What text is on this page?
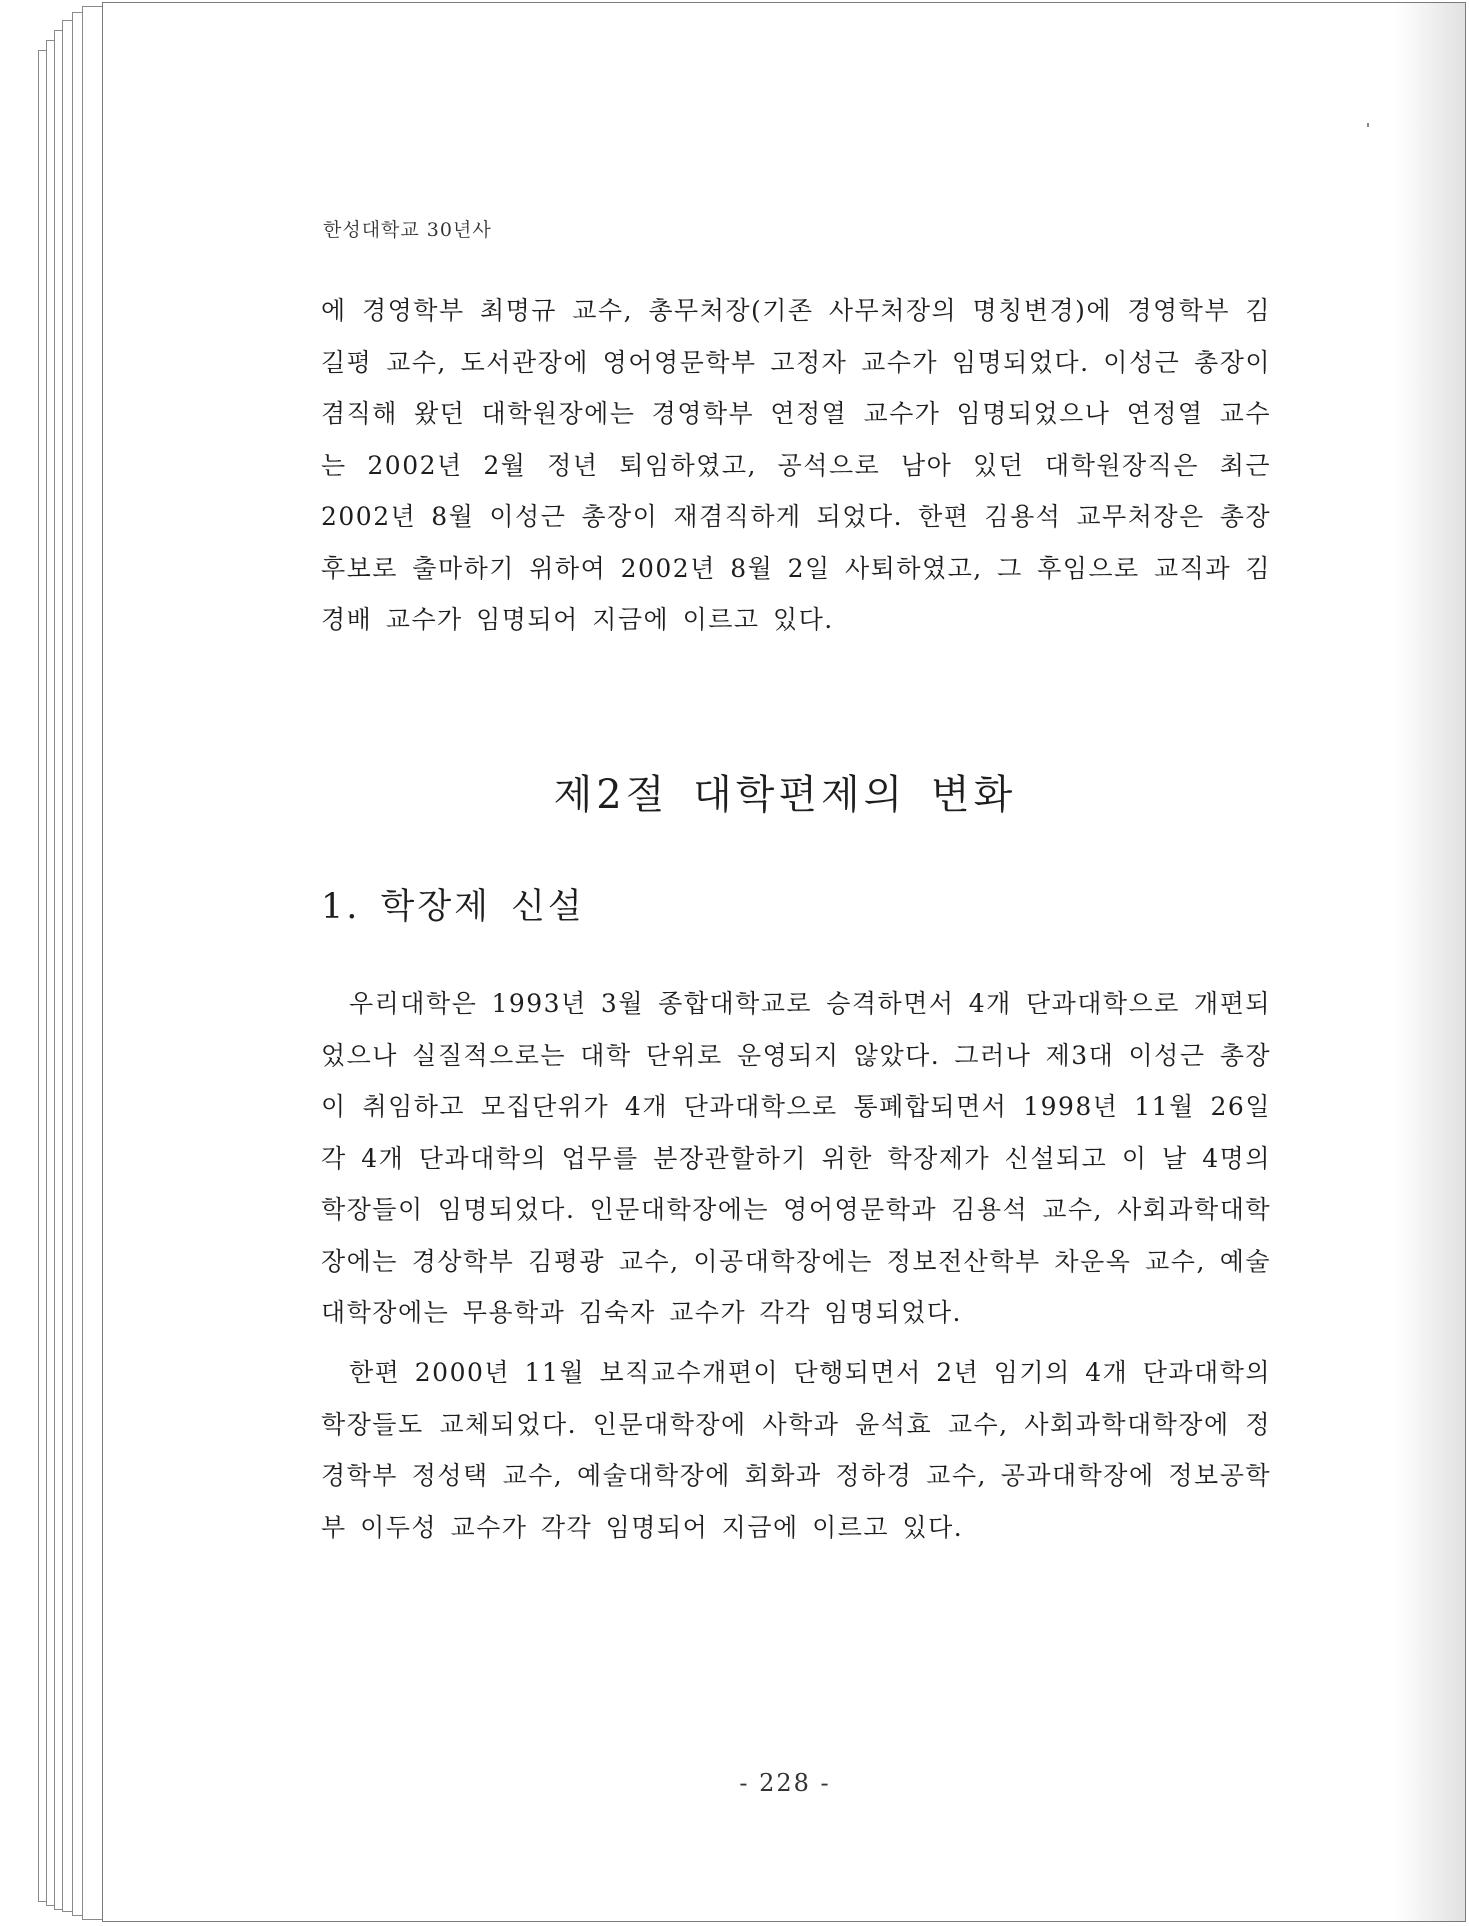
한성대학교 30년사

에 경영학부 최명규 교수, 총무처장(기존 사무처장의 명칭변경)에 경영학부 김길평 교수, 도서관장에 영어영문학부 고정자 교수가 임명되었다. 이성근 총장이 겸직해 왔던 대학원장에는 경영학부 연정열 교수가 임명되었으나 연정열 교수는 2002년 2월 정년 퇴임하였고, 공석으로 남아 있던 대학원장직은 최근 2002년 8월 이성근 총장이 재겸직하게 되었다. 한편 김용석 교무처장은 총장 후보로 출마하기 위하여 2002년 8월 2일 사퇴하였고, 그 후임으로 교직과 김경배 교수가 임명되어 지금에 이르고 있다.

제2절 대학편제의 변화
1. 학장제 신설

우리대학은 1993년 3월 종합대학교로 승격하면서 4개 단과대학으로 개편되었으나 실질적으로는 대학 단위로 운영되지 않았다. 그러나 제3대 이성근 총장이 취임하고 모집단위가 4개 단과대학으로 통폐합되면서 1998년 11월 26일 각 4개 단과대학의 업무를 분장관할하기 위한 학장제가 신설되고 이 날 4명의 학장들이 임명되었다. 인문대학장에는 영어영문학과 김용석 교수, 사회과학대학장에는 경상학부 김평광 교수, 이공대학장에는 정보전산학부 차운옥 교수, 예술대학장에는 무용학과 김숙자 교수가 각각 임명되었다.

한편 2000년 11월 보직교수개편이 단행되면서 2년 임기의 4개 단과대학의 학장들도 교체되었다. 인문대학장에 사학과 윤석효 교수, 사회과학대학장에 정경학부 정성택 교수, 예술대학장에 회화과 정하경 교수, 공과대학장에 정보공학부 이두성 교수가 각각 임명되어 지금에 이르고 있다.

- 228 -
